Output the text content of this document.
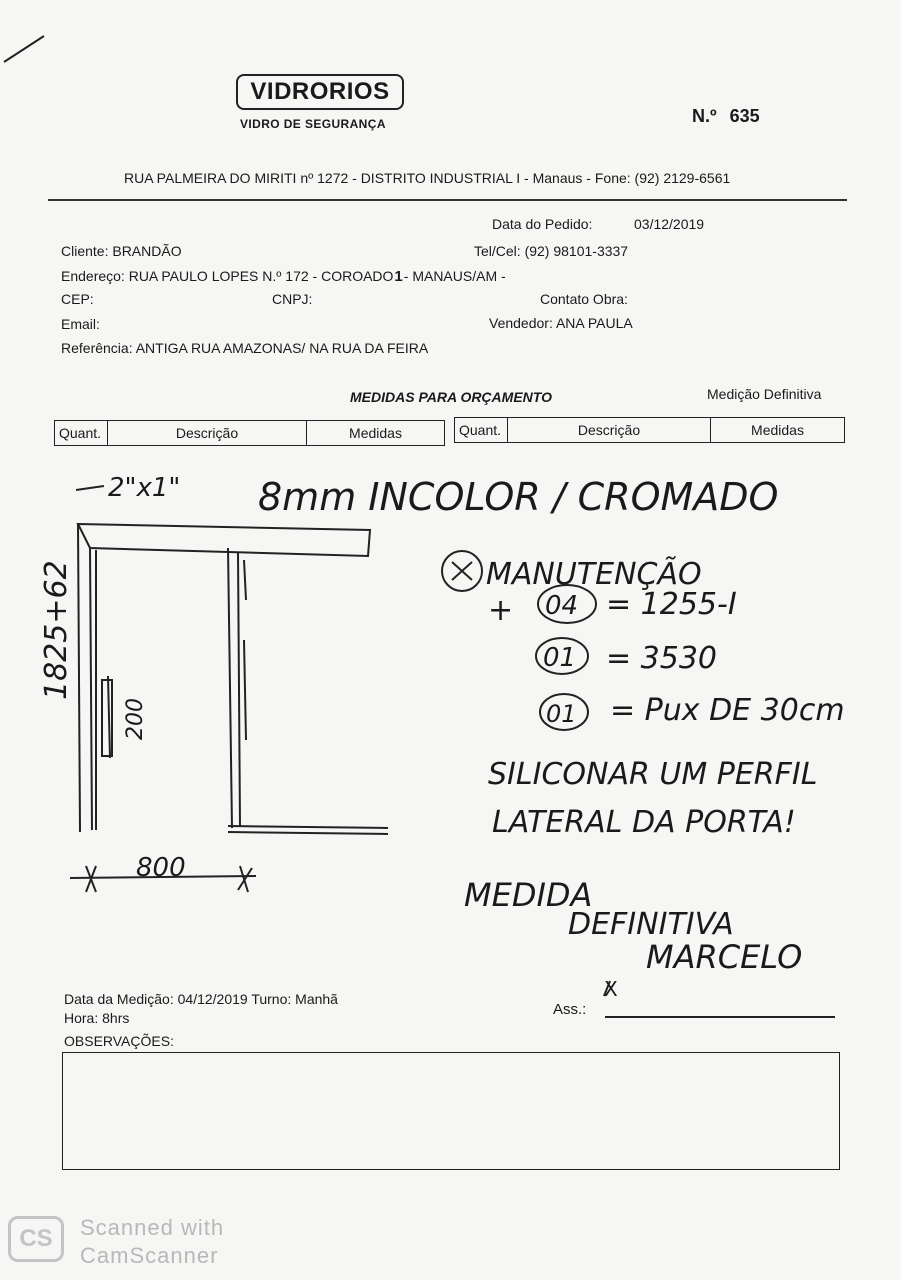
VIDRORIOS
VIDRO DE SEGURANÇA	N.º 635
RUA PALMEIRA DO MIRITI nº 1272 - DISTRITO INDUSTRIAL I - Manaus - Fone: (92) 2129-6561
Data do Pedido:	03/12/2019
Cliente: BRANDÃO	Tel/Cel: (92) 98101-3337
Endereço: RUA PAULO LOPES N.º 172 - COROADO1- MANAUS/AM -
CEP:	CNPJ:	Contato Obra:
Email:	Vendedor: ANA PAULA
Referência: ANTIGA RUA AMAZONAS/ NA RUA DA FEIRA
MEDIDAS PARA ORÇAMENTO	Medição Definitiva
Quant.	Descrição	Medidas	Quant.	Descrição	Medidas
2"x1" 8mm INCOLOR / CROMADO
MANUTENÇÃO
+ 04 = 1255-I
01 = 3530
01 = Pux DE 30cm
SILICONAR UM PERFIL
LATERAL DA PORTA!
MEDIDA
DEFINITIVA
MARCELO
1825+62
200
800
X
Data da Medição: 04/12/2019 Turno: Manhã
Hora: 8hrs	Ass.:
OBSERVAÇÕES:
CS	Scanned with
CamScanner
